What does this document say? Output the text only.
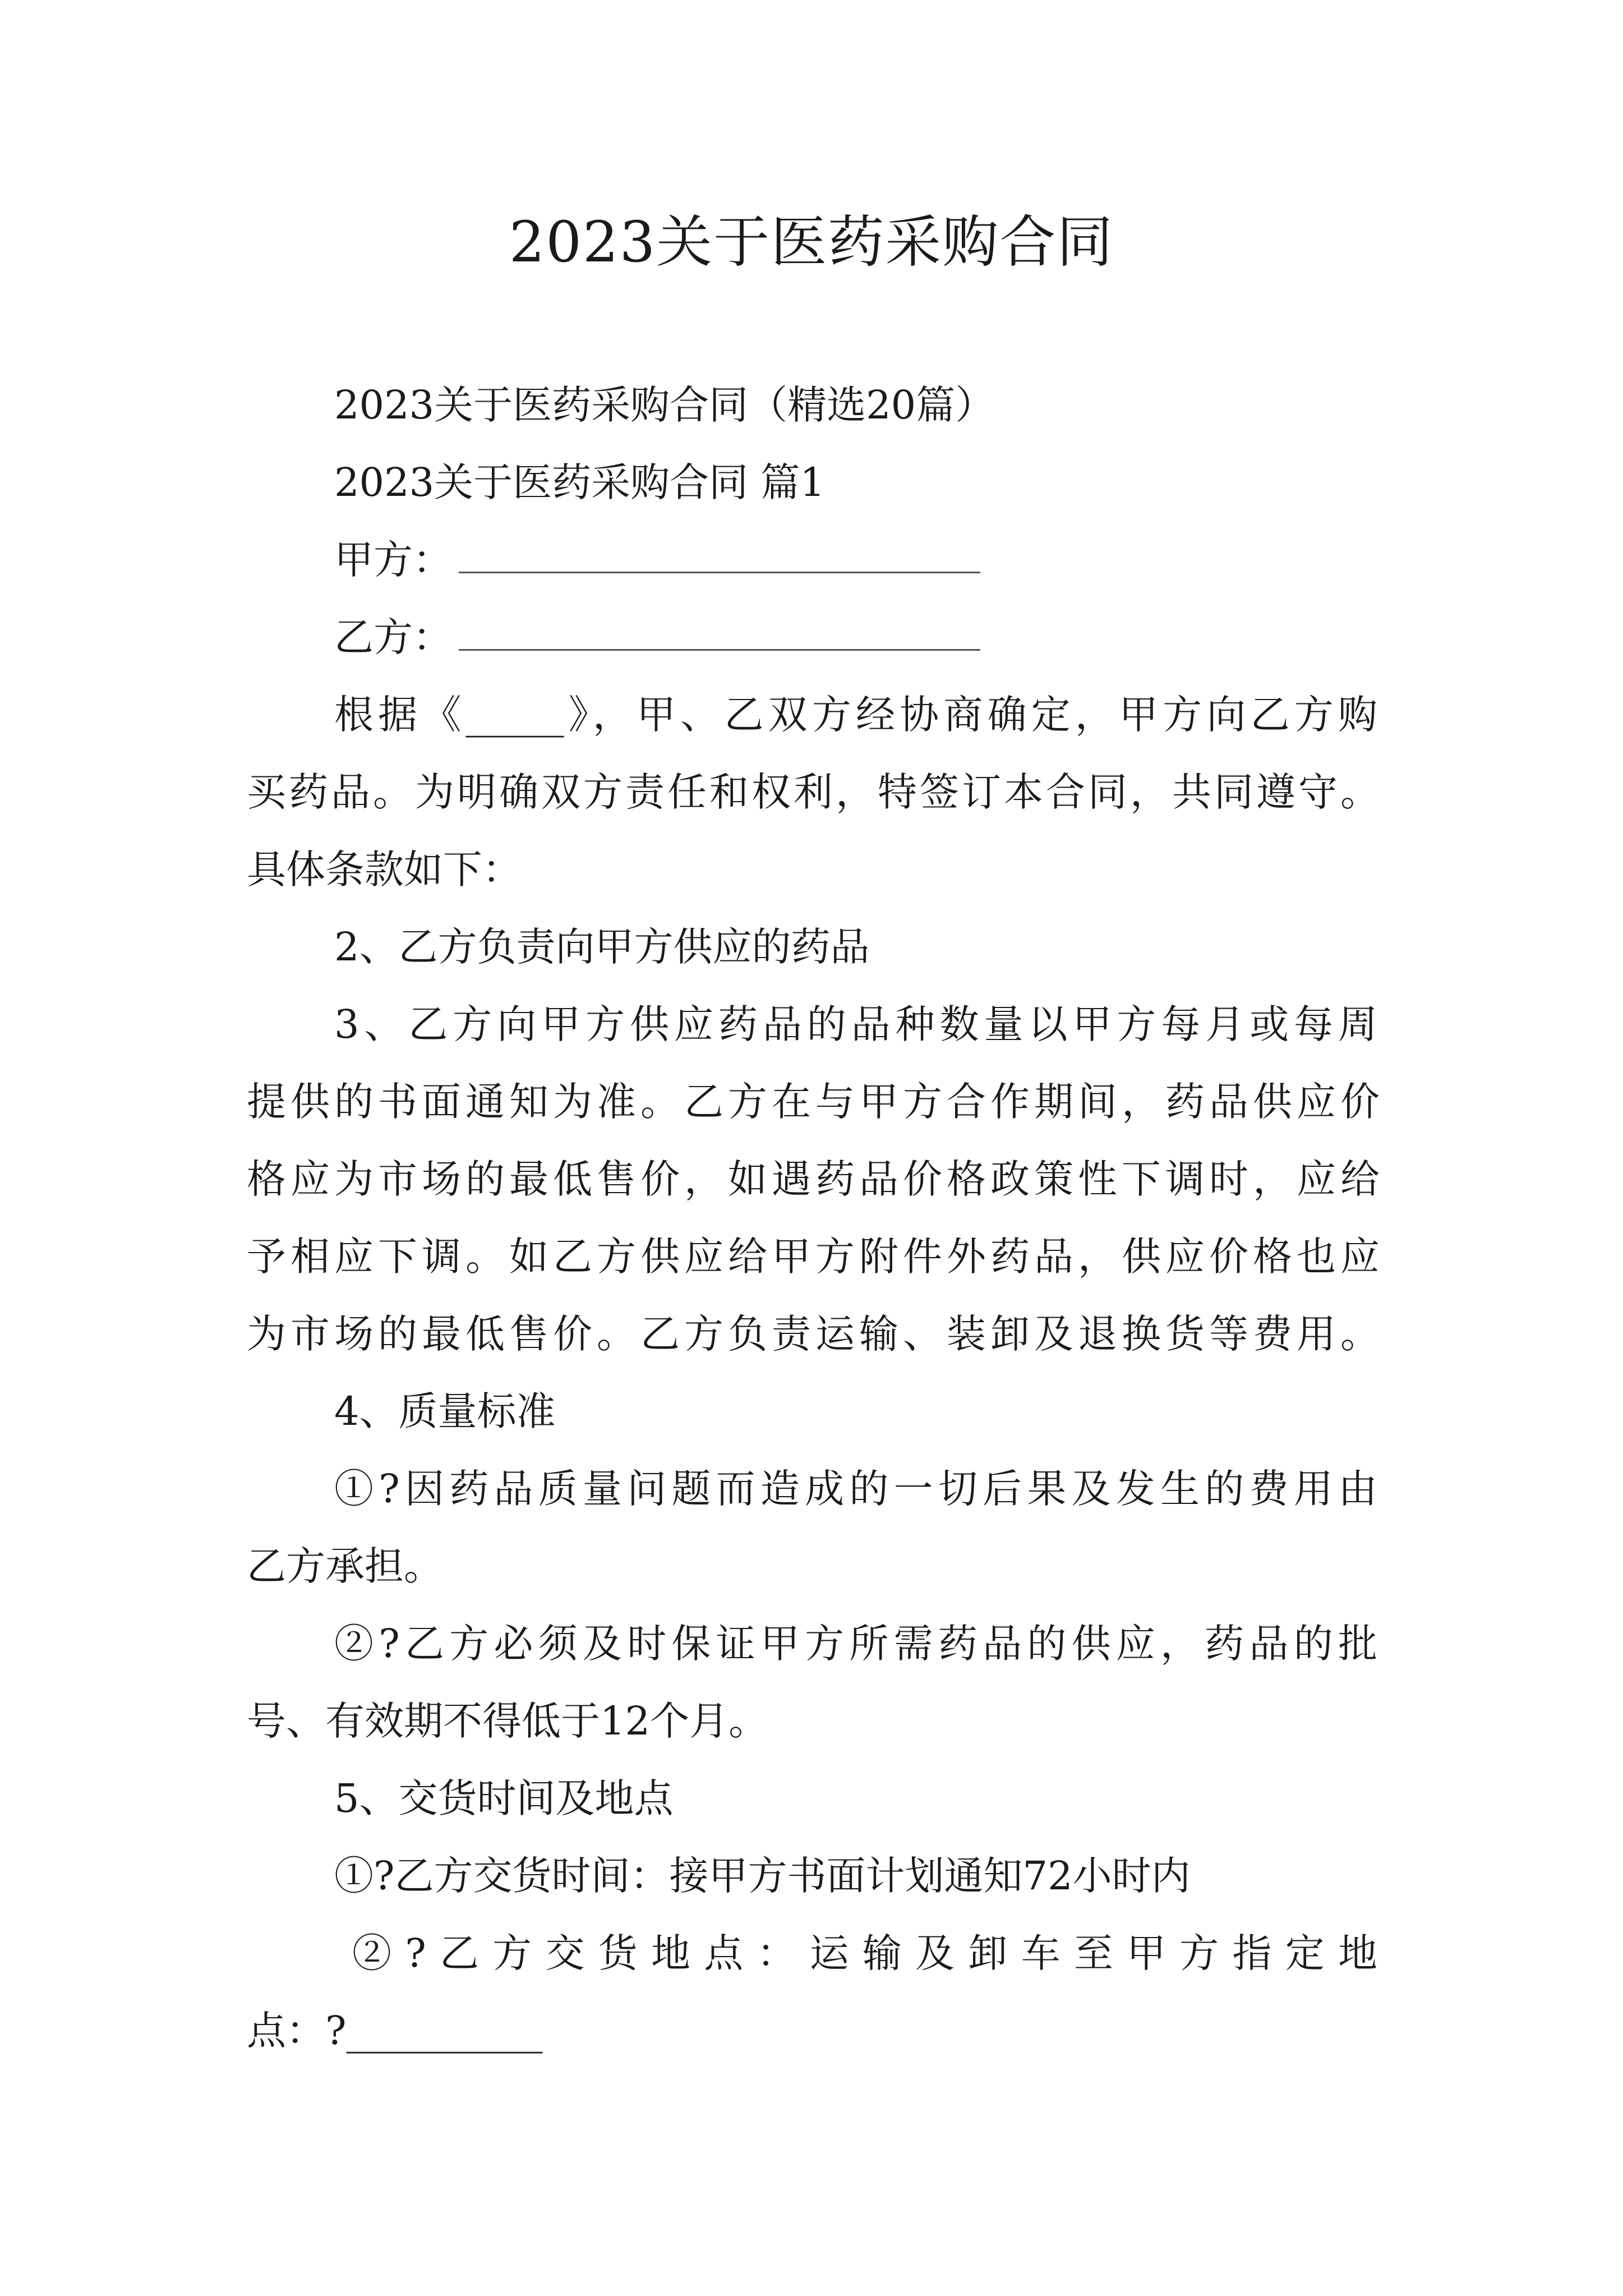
2023关于医药采购合同
2023关于医药采购合同（精选20篇）
2023关于医药采购合同 篇1
甲方：
乙方：
根据《_____》，甲、乙双方经协商确定，甲方向乙方购
买药品。为明确双方责任和权利，特签订本合同，共同遵守。
具体条款如下：
2、乙方负责向甲方供应的药品
3、乙方向甲方供应药品的品种数量以甲方每月或每周
提供的书面通知为准。乙方在与甲方合作期间，药品供应价
格应为市场的最低售价，如遇药品价格政策性下调时，应给
予相应下调。如乙方供应给甲方附件外药品，供应价格也应
为市场的最低售价。乙方负责运输、装卸及退换货等费用。
4、质量标准
①?因药品质量问题而造成的一切后果及发生的费用由
乙方承担。
②?乙方必须及时保证甲方所需药品的供应，药品的批
号、有效期不得低于12个月。
5、交货时间及地点
①?乙方交货时间：接甲方书面计划通知72小时内
②?乙方交货地点：运输及卸车至甲方指定地
点：?__________
